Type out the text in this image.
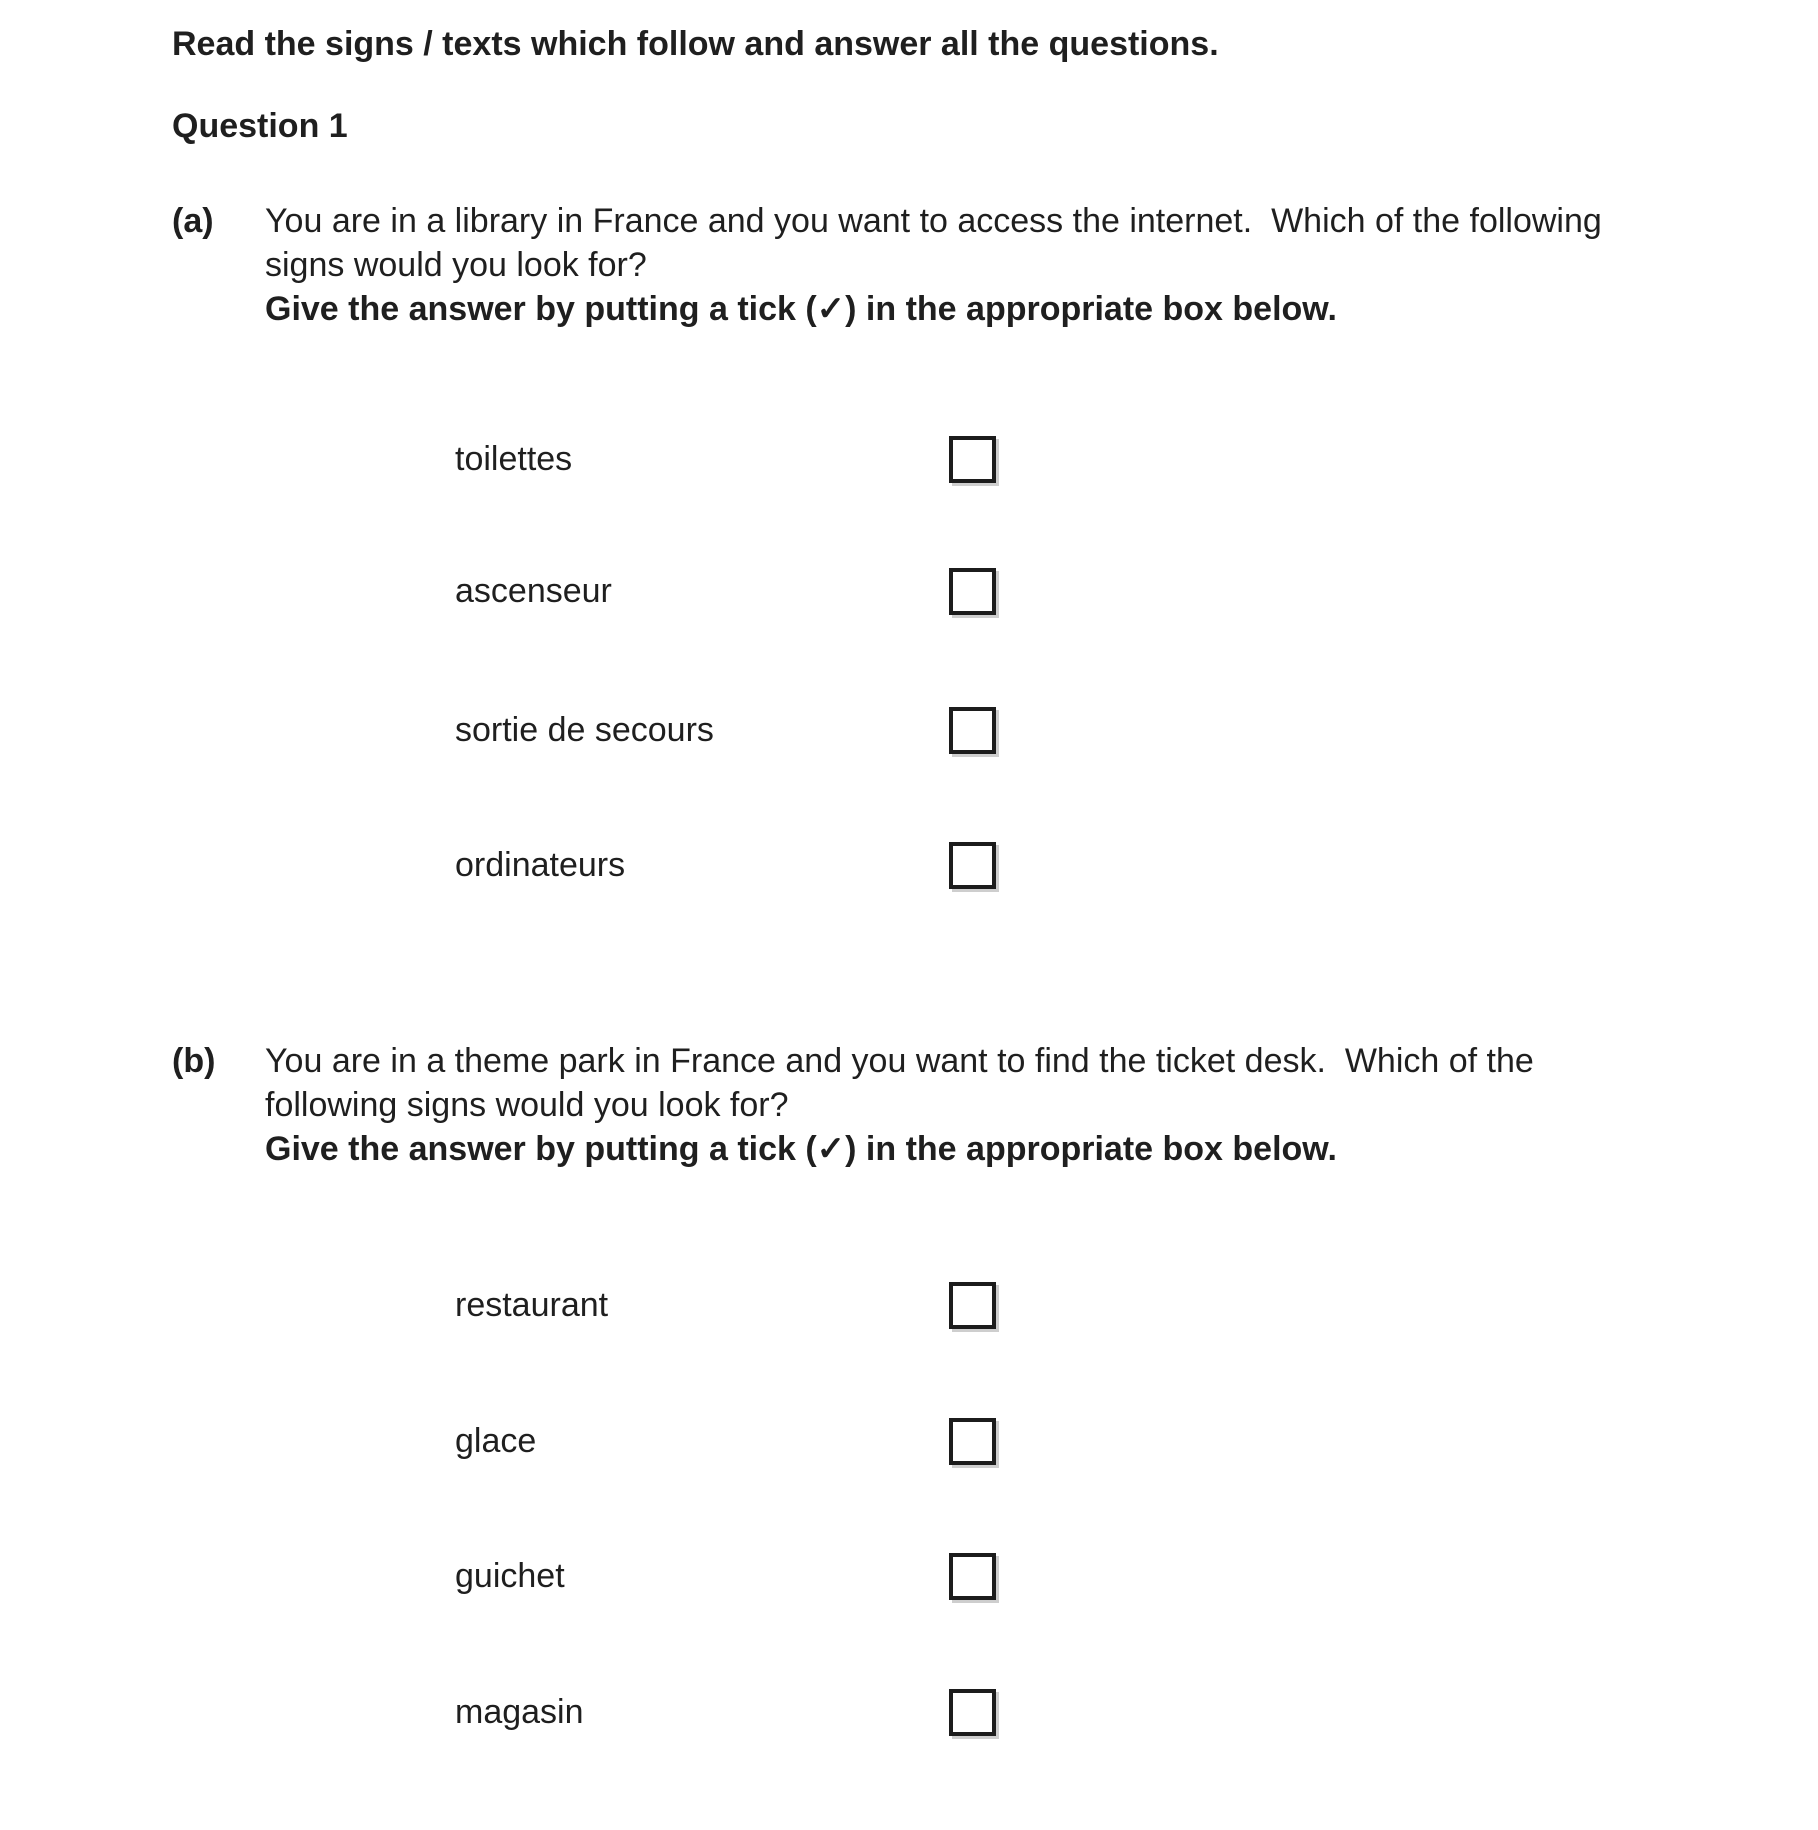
Read the signs / texts which follow and answer all the questions.
Question 1
(a) You are in a library in France and you want to access the internet.  Which of the following
signs would you look for?
Give the answer by putting a tick (✓) in the appropriate box below.
toilettes
ascenseur
sortie de secours
ordinateurs
(b) You are in a theme park in France and you want to find the ticket desk.  Which of the
following signs would you look for?
Give the answer by putting a tick (✓) in the appropriate box below.
restaurant
glace
guichet
magasin
